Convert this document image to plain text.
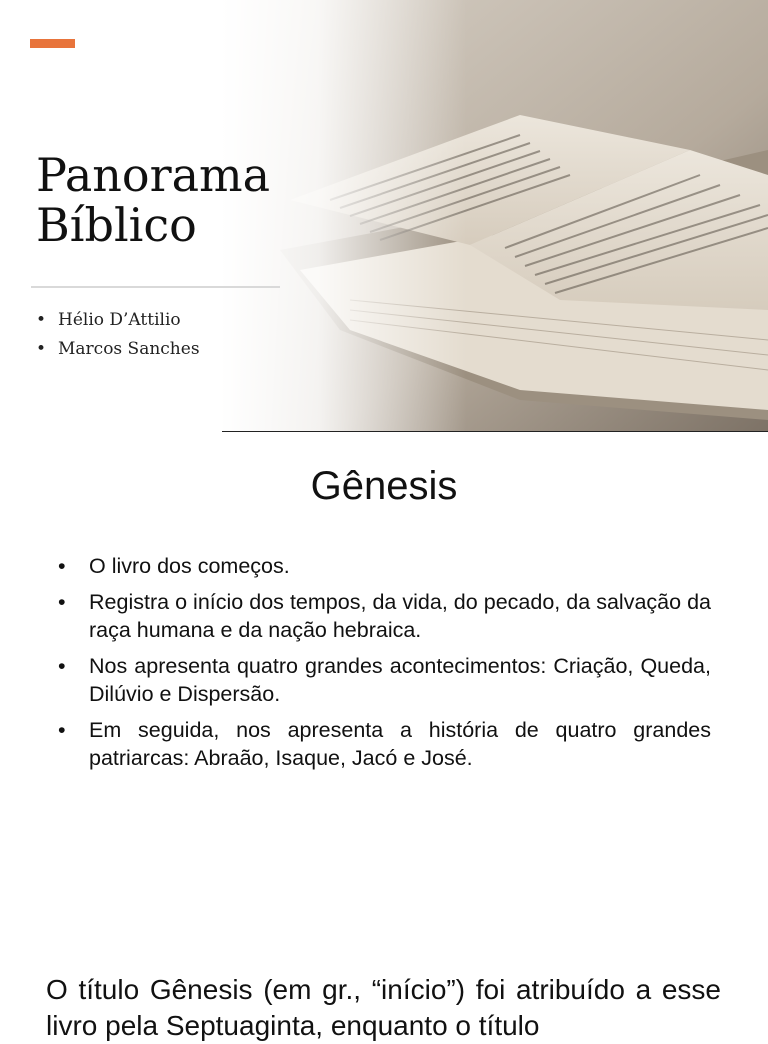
Panorama
Bíblico
• Hélio D’Attilio
• Marcos Sanches
Gênesis
• O livro dos começos.
• Registra o início dos tempos, da vida, do pecado, da salvação da raça humana e da nação hebraica.
• Nos apresenta quatro grandes acontecimentos: Criação, Queda, Dilúvio e Dispersão.
• Em seguida, nos apresenta a história de quatro grandes patriarcas: Abraão, Isaque, Jacó e José.

O título Gênesis (em gr., “início”) foi atribuído a esse livro pela Septuaginta, enquanto o título
